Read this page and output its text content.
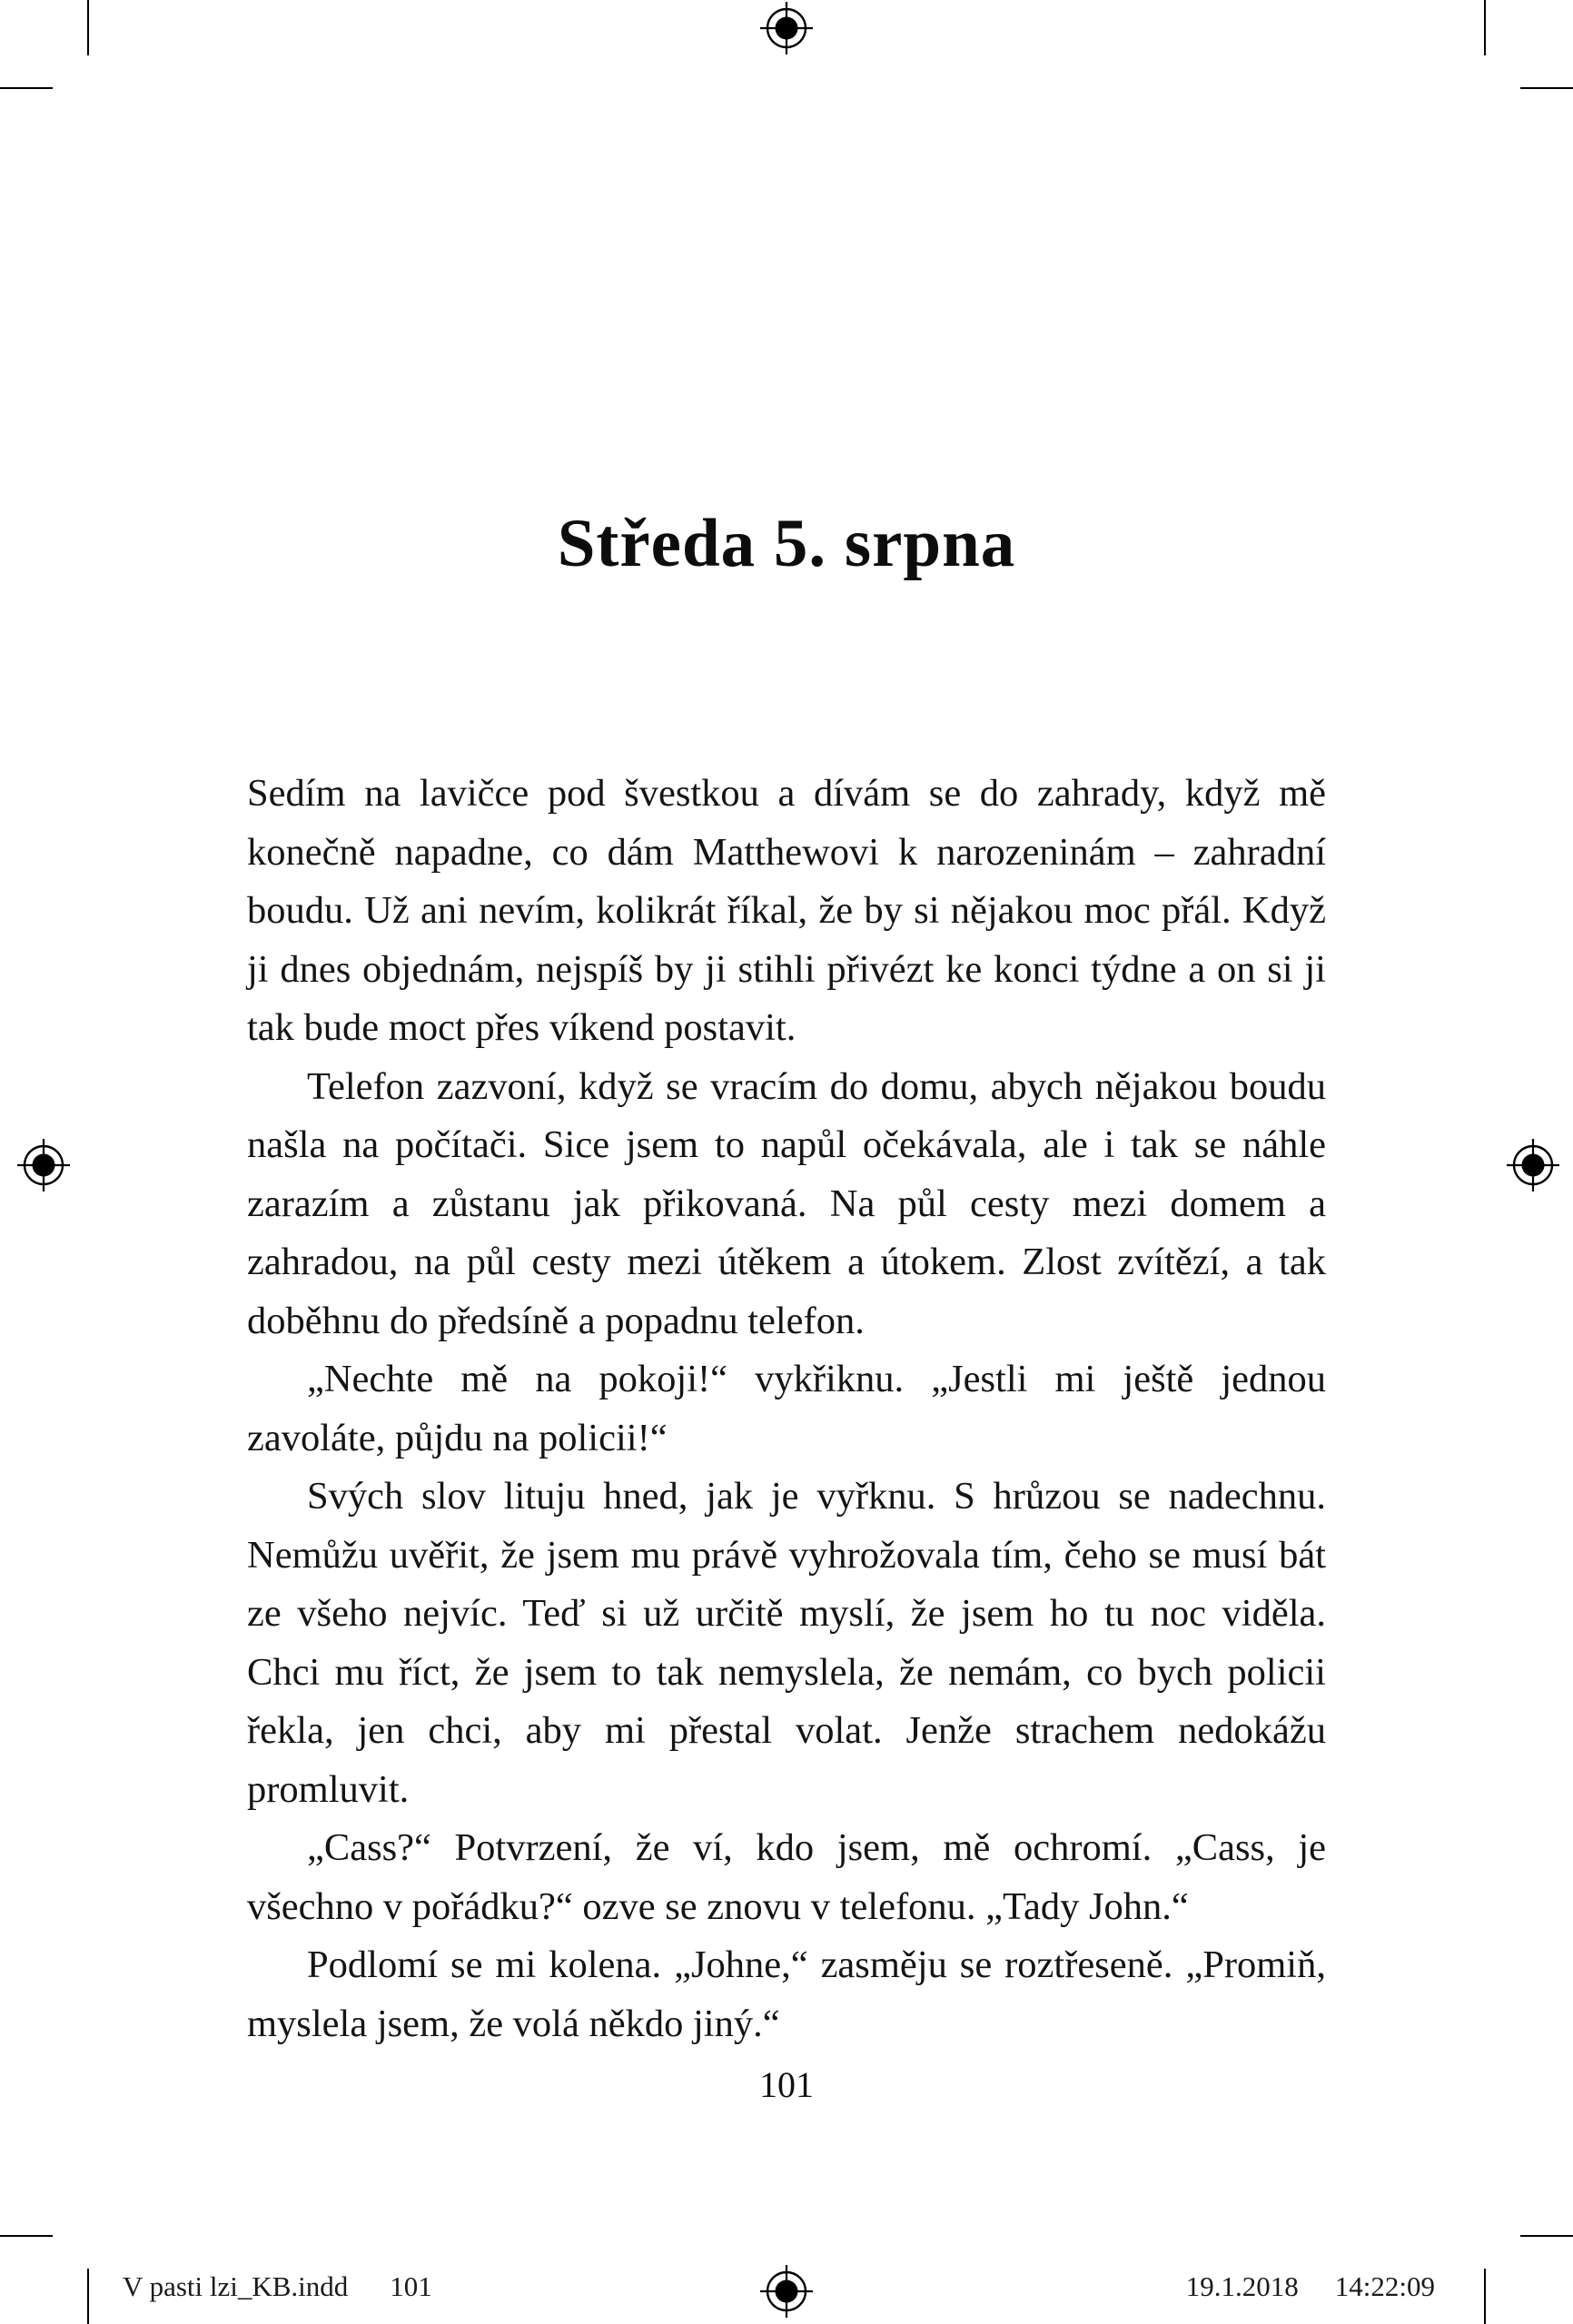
Středa 5. srpna

Sedím na lavičce pod švestkou a dívám se do zahrady, když mě konečně napadne, co dám Matthewovi k narozeninám – zahradní boudu. Už ani nevím, kolikrát říkal, že by si nějakou moc přál. Když ji dnes objednám, nejspíš by ji stihli přivézt ke konci týdne a on si ji tak bude moct přes víkend postavit.

Telefon zazvoní, když se vracím do domu, abych nějakou boudu našla na počítači. Sice jsem to napůl očekávala, ale i tak se náhle zarazím a zůstanu jak přikovaná. Na půl cesty mezi domem a zahradou, na půl cesty mezi útěkem a útokem. Zlost zvítězí, a tak doběhnu do předsíně a popadnu telefon.

„Nechte mě na pokoji!“ vykřiknu. „Jestli mi ještě jednou zavoláte, půjdu na policii!“

Svých slov lituju hned, jak je vyřknu. S hrůzou se nadechnu. Nemůžu uvěřit, že jsem mu právě vyhrožovala tím, čeho se musí bát ze všeho nejvíc. Teď si už určitě myslí, že jsem ho tu noc viděla. Chci mu říct, že jsem to tak nemyslela, že nemám, co bych policii řekla, jen chci, aby mi přestal volat. Jenže strachem nedokážu promluvit.

„Cass?“ Potvrzení, že ví, kdo jsem, mě ochromí. „Cass, je všechno v pořádku?“ ozve se znovu v telefonu. „Tady John.“

Podlomí se mi kolena. „Johne,“ zasměju se roztřeseně. „Promiň, myslela jsem, že volá někdo jiný.“

101
V pasti lzi_KB.indd 101	19.1.2018 14:22:09
